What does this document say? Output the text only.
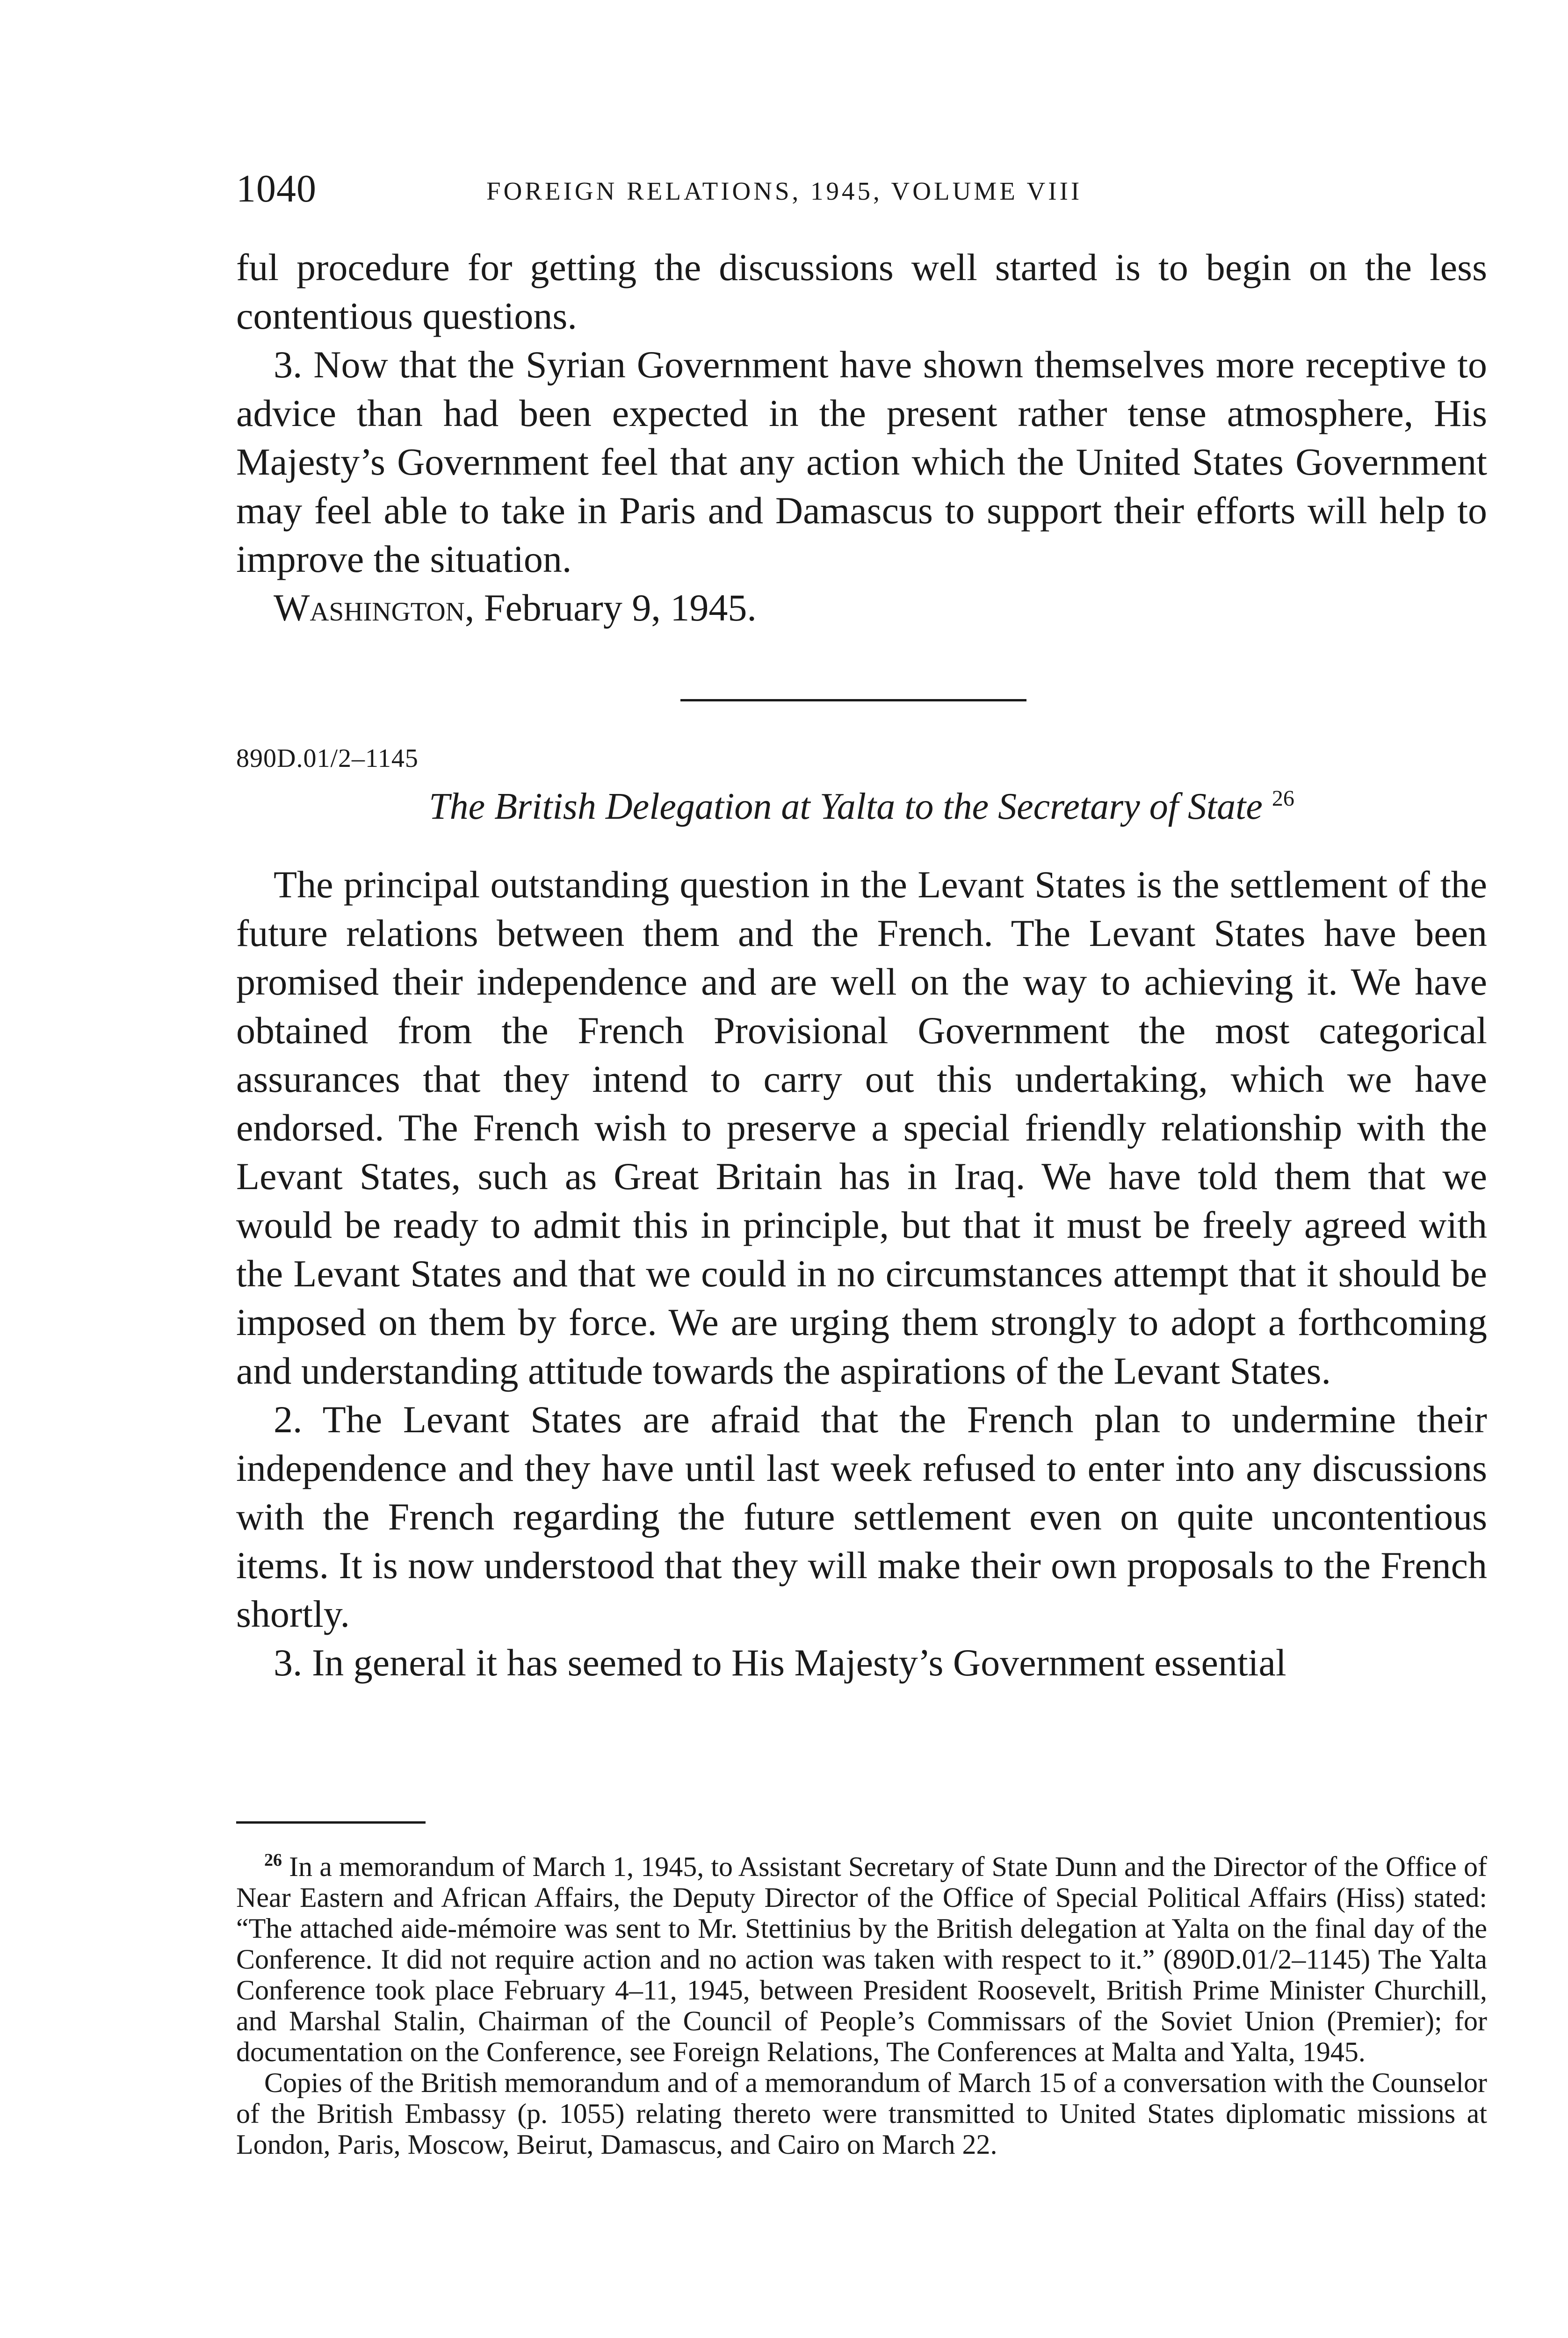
1040	FOREIGN RELATIONS, 1945, VOLUME VIII

ful procedure for getting the discussions well started is to begin on the less contentious questions.

3. Now that the Syrian Government have shown themselves more receptive to advice than had been expected in the present rather tense atmosphere, His Majesty’s Government feel that any action which the United States Government may feel able to take in Paris and Damascus to support their efforts will help to improve the situation.

Washington, February 9, 1945.

890D.01/2–1145
The British Delegation at Yalta to the Secretary of State $^{26}$

The principal outstanding question in the Levant States is the settlement of the future relations between them and the French. The Levant States have been promised their independence and are well on the way to achieving it. We have obtained from the French Provisional Government the most categorical assurances that they intend to carry out this undertaking, which we have endorsed. The French wish to preserve a special friendly relationship with the Levant States, such as Great Britain has in Iraq. We have told them that we would be ready to admit this in principle, but that it must be freely agreed with the Levant States and that we could in no circumstances attempt that it should be imposed on them by force. We are urging them strongly to adopt a forthcoming and understanding attitude towards the aspirations of the Levant States.

2. The Levant States are afraid that the French plan to undermine their independence and they have until last week refused to enter into any discussions with the French regarding the future settlement even on quite uncontentious items. It is now understood that they will make their own proposals to the French shortly.

3. In general it has seemed to His Majesty’s Government essential

$^{26}$ In a memorandum of March 1, 1945, to Assistant Secretary of State Dunn and the Director of the Office of Near Eastern and African Affairs, the Deputy Director of the Office of Special Political Affairs (Hiss) stated: “The attached aide-mémoire was sent to Mr. Stettinius by the British delegation at Yalta on the final day of the Conference. It did not require action and no action was taken with respect to it.” (890D.01/2–1145) The Yalta Conference took place February 4–11, 1945, between President Roosevelt, British Prime Minister Churchill, and Marshal Stalin, Chairman of the Council of People’s Commissars of the Soviet Union (Premier); for documentation on the Conference, see Foreign Relations, The Conferences at Malta and Yalta, 1945.

Copies of the British memorandum and of a memorandum of March 15 of a conversation with the Counselor of the British Embassy (p. 1055) relating thereto were transmitted to United States diplomatic missions at London, Paris, Moscow, Beirut, Damascus, and Cairo on March 22.
